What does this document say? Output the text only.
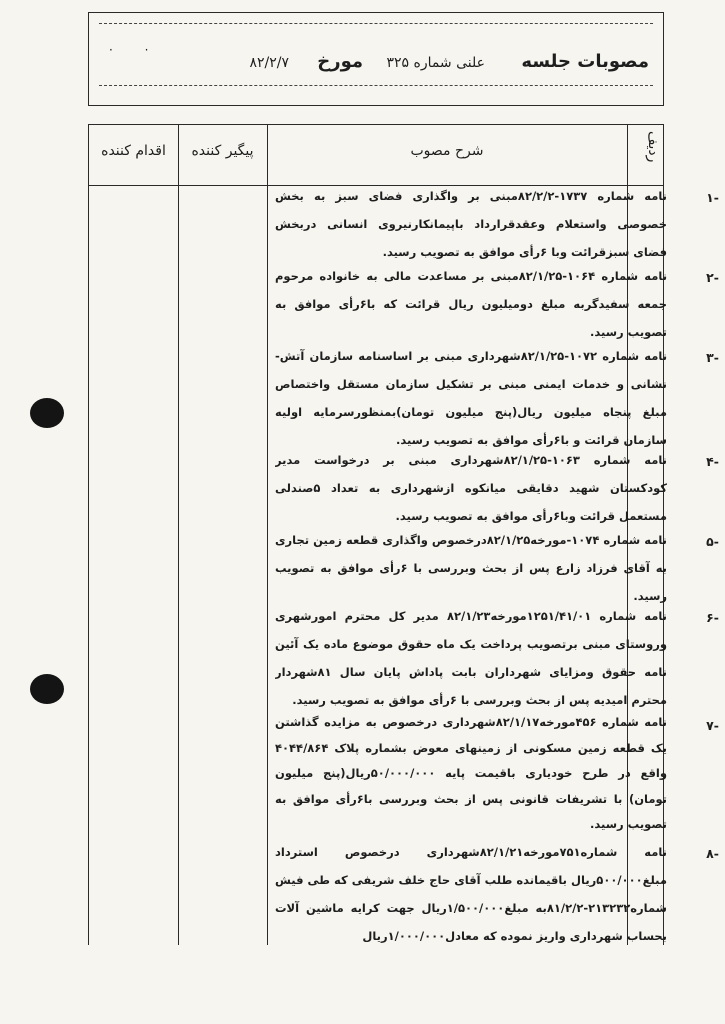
· ·
مصوبات جلسه
علنی شماره ۳۲۵
مورخ
۸۲/۲/۷
اقدام کننده	پیگیر کننده	شرح مصوب	ردیف
-۱
نامه شماره ۱۷۳۷-۸۲/۲/۲مبنی بر واگذاری فضای سبز به بخش خصوصی واستعلام وعقدقرارداد باپیمانکارنیروی انسانی دربخش فضای سبزقرائت وبا ۶رأی موافق به تصویب رسید.
-۲
نامه شماره ۱۰۶۴-۸۲/۱/۲۵مبنی بر مساعدت مالی به خانواده مرحوم جمعه سفیدگربه مبلغ دومیلیون ریال قرائت که با۶رأی موافق به تصویب رسید.
-۳
نامه شماره ۱۰۷۲-۸۲/۱/۲۵شهرداری مبنی بر اساسنامه سازمان آتش-نشانی و خدمات ایمنی مبنی بر تشکیل سازمان مستقل واختصاص مبلغ پنجاه میلیون ریال(پنج میلیون تومان)بمنظورسرمایه اولیه سازمان قرائت و با۶رأی موافق به تصویب رسید.
-۴
نامه شماره ۱۰۶۳-۸۲/۱/۲۵شهرداری مبنی بر درخواست مدیر کودکستان شهید دقایقی میانکوه ازشهرداری به تعداد ۵صندلی مستعمل قرائت وبا۶رأی موافق به تصویب رسید.
-۵
نامه شماره ۱۰۷۴-مورخه۸۲/۱/۲۵درخصوص واگذاری قطعه زمین تجاری به آقای فرزاد زارع پس از بحث وبررسی با ۶رأی موافق به تصویب رسید.
-۶
نامه شماره ۱۲۵۱/۴۱/۰۱مورخه۸۲/۱/۲۳ مدیر کل محترم امورشهری وروستای مبنی برتصویب پرداخت یک ماه حقوق موضوع ماده یک آئین نامه حقوق ومزایای شهرداران بابت پاداش پایان سال ۸۱شهردار محترم امیدیه پس از بحث وبررسی با ۶رأی موافق به تصویب رسید.
-۷
نامه شماره ۴۵۶مورخه۸۲/۱/۱۷شهرداری درخصوص به مزایده گذاشتن یک قطعه زمین مسکونی از زمینهای معوض بشماره پلاک ۴۰۴۴/۸۶۴ واقع در طرح خودیاری باقیمت پایه ۵۰/۰۰۰/۰۰۰ریال(پنج میلیون تومان) با تشریفات قانونی پس از بحث وبررسی با۶رأی موافق به تصویب رسید.
-۸
نامه شماره۷۵۱مورخه۸۲/۱/۲۱شهرداری درخصوص استرداد مبلغ۵۰۰/۰۰۰ریال باقیمانده طلب آقای حاج خلف شریفی که طی فیش شماره۲۱۳۲۳۲-۸۱/۲/۲به مبلغ۱/۵۰۰/۰۰۰ریال جهت کرایه ماشین آلات بحساب شهرداری واریز نموده که معادل۱/۰۰۰/۰۰۰ریال
